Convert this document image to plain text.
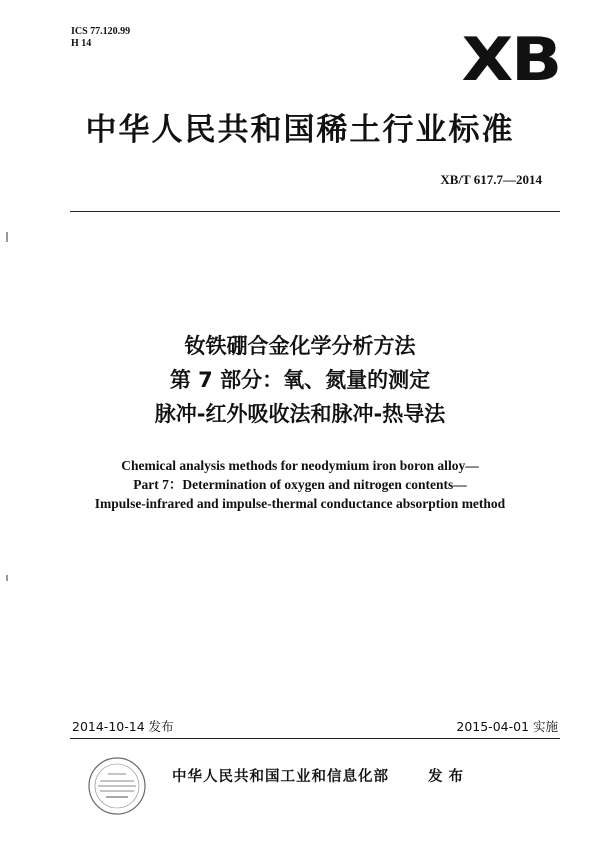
ICS 77.120.99
H 14	XB
中华人民共和国稀土行业标准
XB/T 617.7—2014
钕铁硼合金化学分析方法
第 7 部分：氧、氮量的测定
脉冲-红外吸收法和脉冲-热导法
Chemical analysis methods for neodymium iron boron alloy—
Part 7：Determination of oxygen and nitrogen contents—
Impulse-infrared and impulse-thermal conductance absorption method
2014-10-14 发布	2015-04-01 实施
中华人民共和国工业和信息化部	发布
